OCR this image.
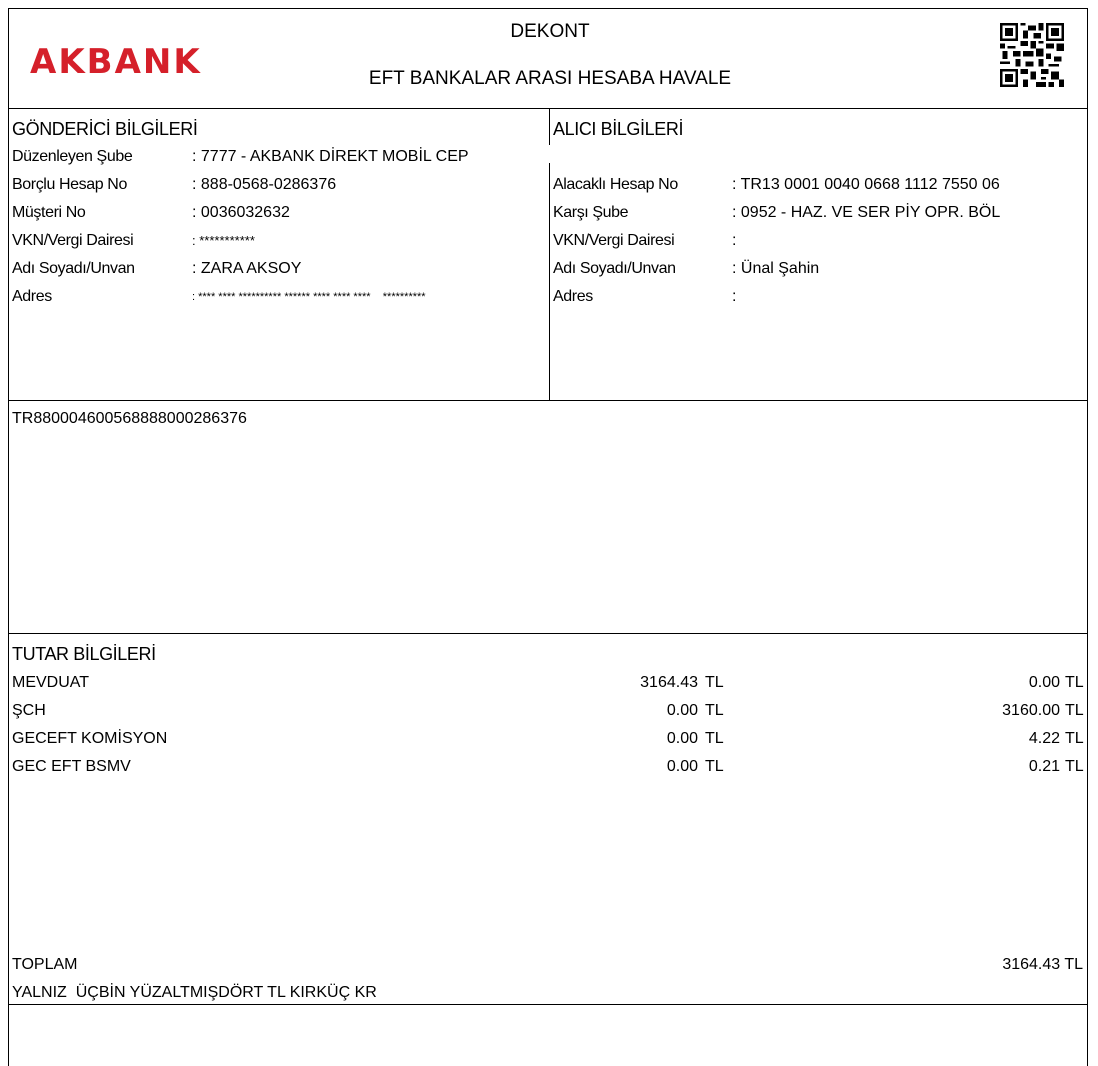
AKBANK
DEKONT
EFT BANKALAR ARASI HESABA HAVALE
GÖNDERİCİ BİLGİLERİ
Düzenleyen Şube	: 7777 - AKBANK DİREKT MOBİL CEP
Borçlu Hesap No	: 888-0568-0286376
Müşteri No	: 0036032632
VKN/Vergi Dairesi	: ***********
Adı Soyadı/Unvan	: ZARA AKSOY
Adres	: **** **** ********** ****** **** **** ****    **********
ALICI BİLGİLERİ
Alacaklı Hesap No	: TR13 0001 0040 0668 1112 7550 06
Karşı Şube	: 0952 - HAZ. VE SER PİY OPR. BÖL
VKN/Vergi Dairesi	:
Adı Soyadı/Unvan	: Ünal Şahin
Adres	:
TR880004600568888000286376
TUTAR BİLGİLERİ
MEVDUAT	3164.43 TL	0.00 TL
ŞCH	0.00 TL	3160.00 TL
GECEFT KOMİSYON	0.00 TL	4.22 TL
GEC EFT BSMV	0.00 TL	0.21 TL
TOPLAM	3164.43 TL
YALNIZ  ÜÇBİN YÜZALTMIŞDÖRT TL KIRKÜÇ KR
